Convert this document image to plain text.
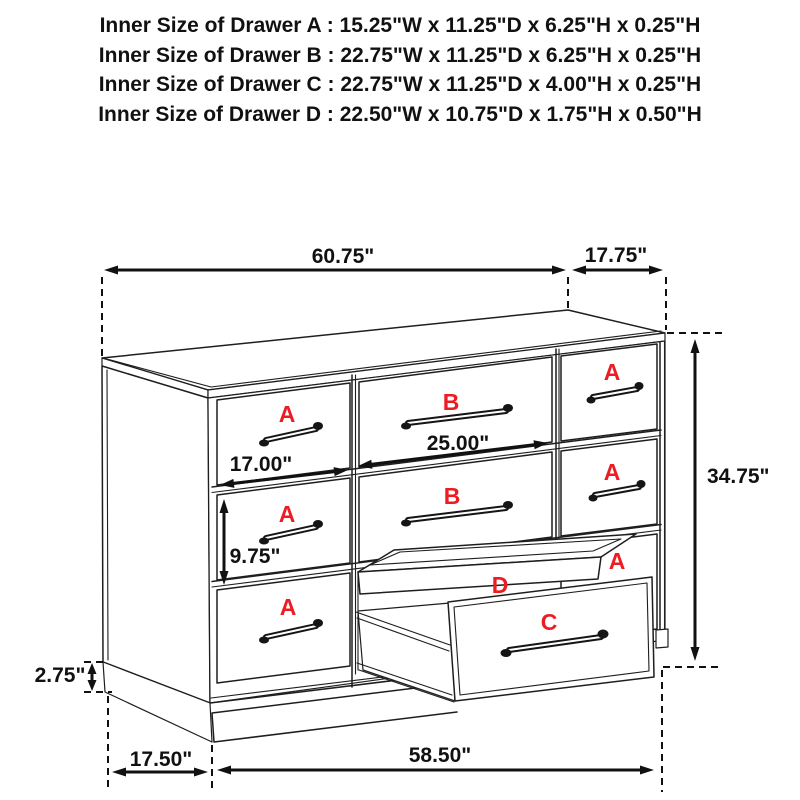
Inner Size of Drawer A : 15.25"W x 11.25"D x 6.25"H x 0.25"H
Inner Size of Drawer B : 22.75"W x 11.25"D x 6.25"H x 0.25"H
Inner Size of Drawer C : 22.75"W x 11.25"D x 4.00"H x 0.25"H
Inner Size of Drawer D : 22.50"W x 10.75"D x 1.75"H x 0.50"H
A
A
A
B
B
A
A
A
C
D
60.75"	17.75"
34.75"
17.00"
25.00"
9.75"
2.75"
17.50"	58.50"
